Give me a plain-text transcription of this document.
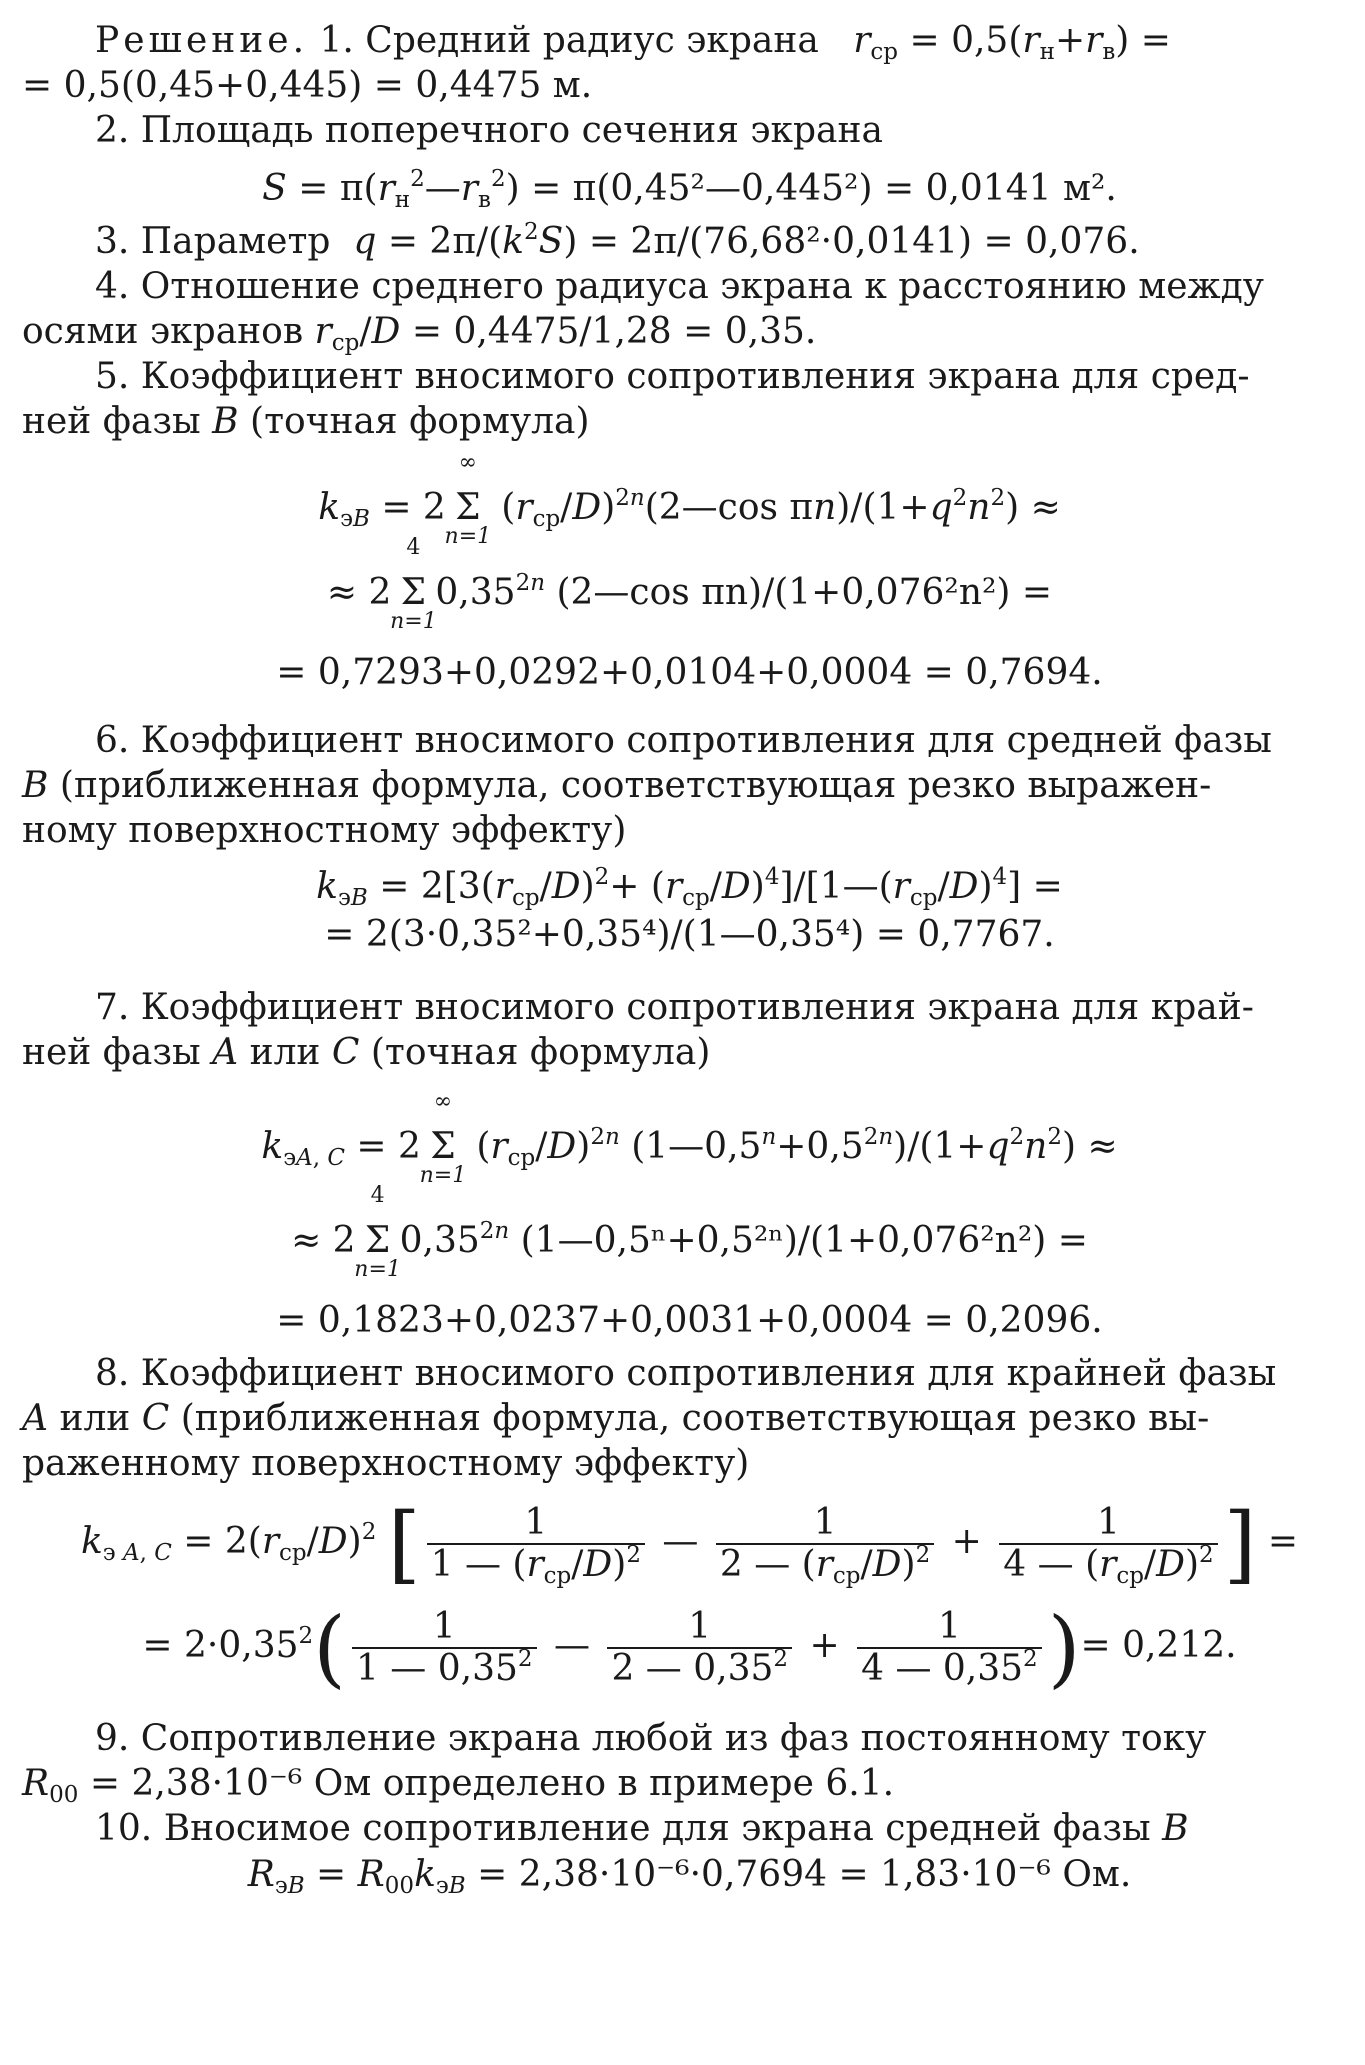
Решение. 1. Средний радиус экрана $r_{ср} = 0,5(r_н+r_в)$ =
= 0,5(0,45+0,445) = 0,4475 м.

2. Площадь поперечного сечения экрана

$S = \pi(r_н^2—r_в^2)$ = π(0,45²—0,445²) = 0,0141 м².

3. Параметр $q = 2\pi/(k^2S) = 2\pi/(76,68^2\cdot 0,0141) = 0,076$.

4. Отношение среднего радиуса экрана к расстоянию между

осями экранов $r_{ср}/D = 0,4475/1,28 = 0,35$.

5. Коэффициент вносимого сопротивления экрана для сред-

ней фазы B (точная формула)

$k_{эB} = 2$
∞
Σ
n=1
$(r_{ср}/D)^{2n}(2—\cos$ $\pi n)/(1+q^2n^2)$ ≈
≈ 2
4
Σ
n=1
$0,35^{2n}$ (2—cos πn)/(1+0,076²n²) =
= 0,7293+0,0292+0,0104+0,0004 = 0,7694.

6. Коэффициент вносимого сопротивления для средней фазы

B (приближенная формула, соответствующая резко выражен-

ному поверхностному эффекту)

$k_{эB} = 2[3(r_{ср}/D)^2+$ $(r_{ср}/D)^4]/[1—(r_{ср}/D)^4]$ =
= 2(3·0,35²+0,35⁴)/(1—0,35⁴) = 0,7767.

7. Коэффициент вносимого сопротивления экрана для край-

ней фазы A или C (точная формула)

$k_{эA, C} = 2$
∞
Σ
n=1
$(r_{ср}/D)^{2n}$ $(1—0,5^n+0,5^{2n})/(1+q^2n^2)$ ≈
≈ 2
4
Σ
n=1
$0,35^{2n}$ (1—0,5ⁿ+0,5²ⁿ)/(1+0,076²n²) =
= 0,1823+0,0237+0,0031+0,0004 = 0,2096.

8. Коэффициент вносимого сопротивления для крайней фазы

A или C (приближенная формула, соответствующая резко вы-

раженному поверхностному эффекту)

$k_{э A, C} = 2(r_{ср}/D)^2$ [ $\frac{1}{1 — (r_{ср}/D)^2}$ — $\frac{1}{2 — (r_{ср}/D)^2} + \frac{1}{4 — (r_{ср}/D)^2}$ ] =
= $2\cdot 0,35^2( \frac{1}{1 — 0,35^2}$ — $\frac{1}{2 — 0,35^2} + \frac{1}{4 — 0,35^2}$ )= 0,212.

9. Сопротивление экрана любой из фаз постоянному току

$R_{00} = 2,38\cdot 10^{-6}$ Ом определено в примере 6.1.

10. Вносимое сопротивление для экрана средней фазы B

$R_{эB} = R_{00}k_{эB} = 2,38\cdot 10^{-6}\cdot 0,7694 = 1,83\cdot 10^{-6}$ Ом.
